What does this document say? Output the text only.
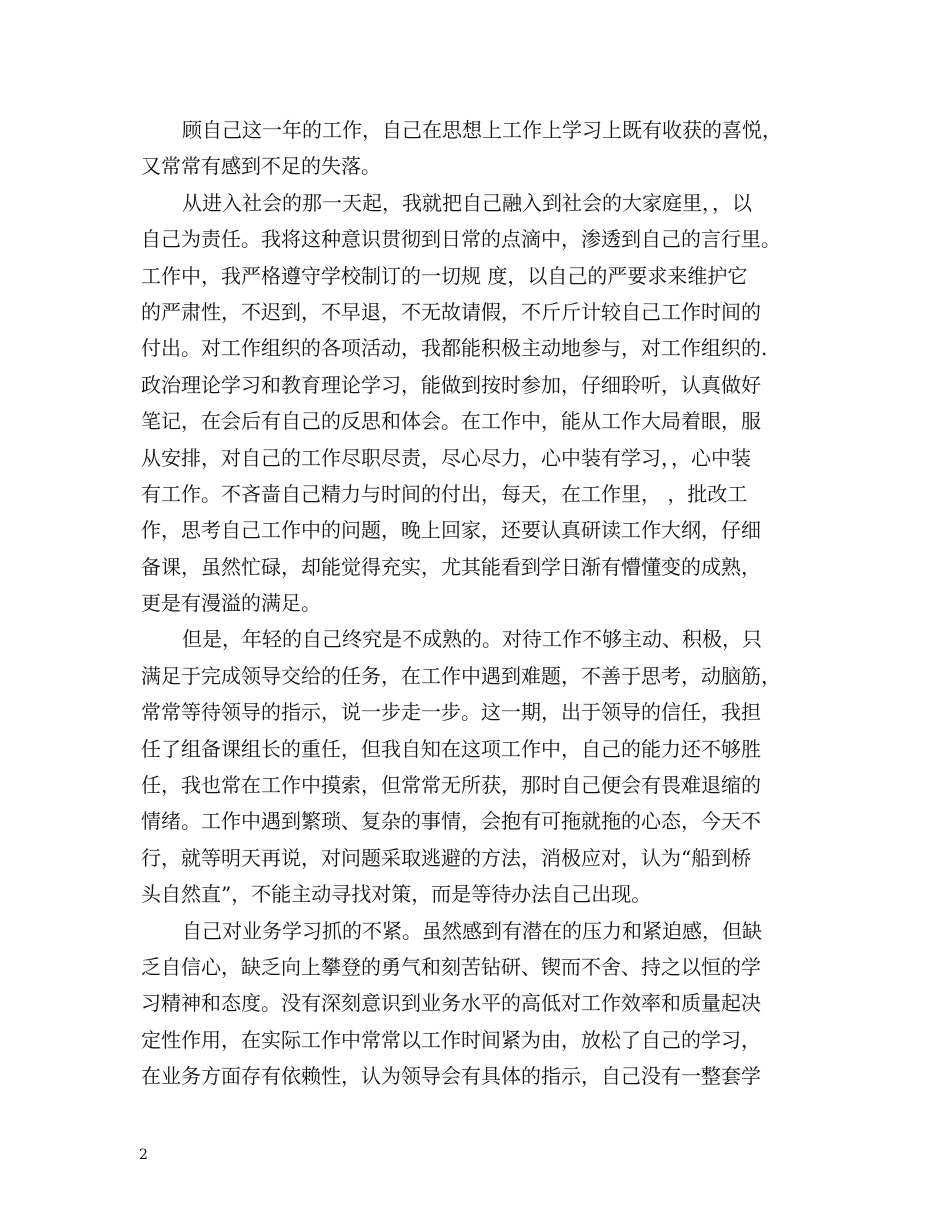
顾自己这一年的工作，自己在思想上工作上学习上既有收获的喜悦，
又常常有感到不足的失落。
从进入社会的那一天起，我就把自己融入到社会的大家庭里，，以
自己为责任。我将这种意识贯彻到日常的点滴中，渗透到自己的言行里。
工作中，我严格遵守学校制订的一切规 度，以自己的严要求来维护它
的严肃性，不迟到，不早退，不无故请假，不斤斤计较自己工作时间的
付出。对工作组织的各项活动，我都能积极主动地参与，对工作组织的.
政治理论学习和教育理论学习，能做到按时参加，仔细聆听，认真做好
笔记，在会后有自己的反思和体会。在工作中，能从工作大局着眼，服
从安排，对自己的工作尽职尽责，尽心尽力，心中装有学习，，心中装
有工作。不吝啬自己精力与时间的付出，每天，在工作里， ，批改工
作，思考自己工作中的问题，晚上回家，还要认真研读工作大纲，仔细
备课，虽然忙碌，却能觉得充实，尤其能看到学日渐有懵懂变的成熟，
更是有漫溢的满足。
但是，年轻的自己终究是不成熟的。对待工作不够主动、积极，只
满足于完成领导交给的任务，在工作中遇到难题，不善于思考，动脑筋，
常常等待领导的指示，说一步走一步。这一期，出于领导的信任，我担
任了组备课组长的重任，但我自知在这项工作中，自己的能力还不够胜
任，我也常在工作中摸索，但常常无所获，那时自己便会有畏难退缩的
情绪。工作中遇到繁琐、复杂的事情，会抱有可拖就拖的心态，今天不
行，就等明天再说，对问题采取逃避的方法，消极应对，认为“船到桥
头自然直”，不能主动寻找对策，而是等待办法自己出现。
自己对业务学习抓的不紧。虽然感到有潜在的压力和紧迫感，但缺
乏自信心，缺乏向上攀登的勇气和刻苦钻研、锲而不舍、持之以恒的学
习精神和态度。没有深刻意识到业务水平的高低对工作效率和质量起决
定性作用，在实际工作中常常以工作时间紧为由，放松了自己的学习，
在业务方面存有依赖性，认为领导会有具体的指示，自己没有一整套学
2
